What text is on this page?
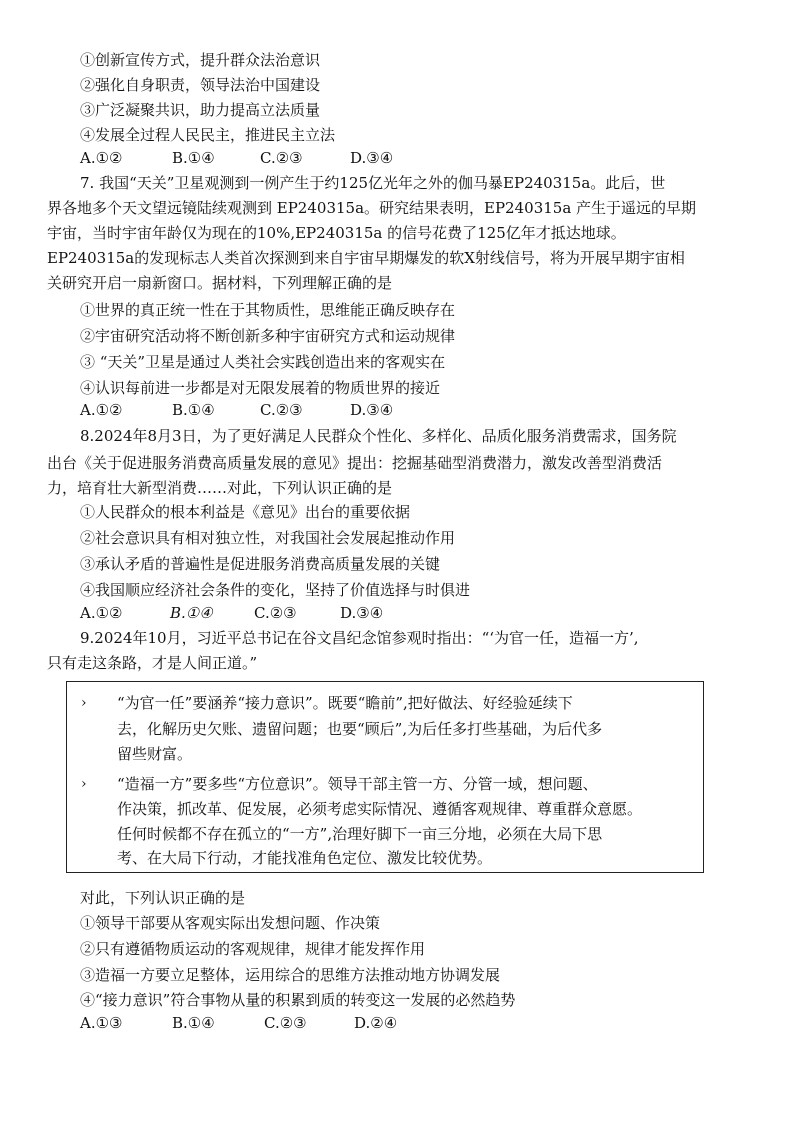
①创新宣传方式，提升群众法治意识
②强化自身职责，领导法治中国建设
③广泛凝聚共识，助力提高立法质量
④发展全过程人民民主，推进民主立法
A.①②	B.①④	C.②③	D.③④
7. 我国“天关”卫星观测到一例产生于约125亿光年之外的伽马暴EP240315a。此后，世
界各地多个天文望远镜陆续观测到 EP240315a。研究结果表明，EP240315a 产生于遥远的早期
宇宙，当时宇宙年龄仅为现在的10%,EP240315a 的信号花费了125亿年才抵达地球。
EP240315a的发现标志人类首次探测到来自宇宙早期爆发的软X射线信号，将为开展早期宇宙相
关研究开启一扇新窗口。据材料，下列理解正确的是
①世界的真正统一性在于其物质性，思维能正确反映存在
②宇宙研究活动将不断创新多种宇宙研究方式和运动规律
③ “天关”卫星是通过人类社会实践创造出来的客观实在
④认识每前进一步都是对无限发展着的物质世界的接近
A.①②	B.①④	C.②③	D.③④
8.2024年8月3日，为了更好满足人民群众个性化、多样化、品质化服务消费需求，国务院
出台《关于促进服务消费高质量发展的意见》提出：挖掘基础型消费潜力，激发改善型消费活
力，培育壮大新型消费……对此，下列认识正确的是
①人民群众的根本利益是《意见》出台的重要依据
②社会意识具有相对独立性，对我国社会发展起推动作用
③承认矛盾的普遍性是促进服务消费高质量发展的关键
④我国顺应经济社会条件的变化，坚持了价值选择与时俱进
A.①②	B.①④	C.②③	D.③④
9.2024年10月，习近平总书记在谷文昌纪念馆参观时指出：“‘为官一任，造福一方’,
只有走这条路，才是人间正道。”
› “为官一任”要涵养“接力意识”。既要“瞻前”,把好做法、好经验延续下
去，化解历史欠账、遗留问题；也要“顾后”,为后任多打些基础，为后代多
留些财富。
› “造福一方”要多些“方位意识”。领导干部主管一方、分管一域，想问题、
作决策，抓改革、促发展，必须考虑实际情况、遵循客观规律、尊重群众意愿。
任何时候都不存在孤立的“一方”,治理好脚下一亩三分地，必须在大局下思
考、在大局下行动，才能找准角色定位、激发比较优势。
对此，下列认识正确的是
①领导干部要从客观实际出发想问题、作决策
②只有遵循物质运动的客观规律，规律才能发挥作用
③造福一方要立足整体，运用综合的思维方法推动地方协调发展
④“接力意识”符合事物从量的积累到质的转变这一发展的必然趋势
A.①③	B.①④	C.②③	D.②④
